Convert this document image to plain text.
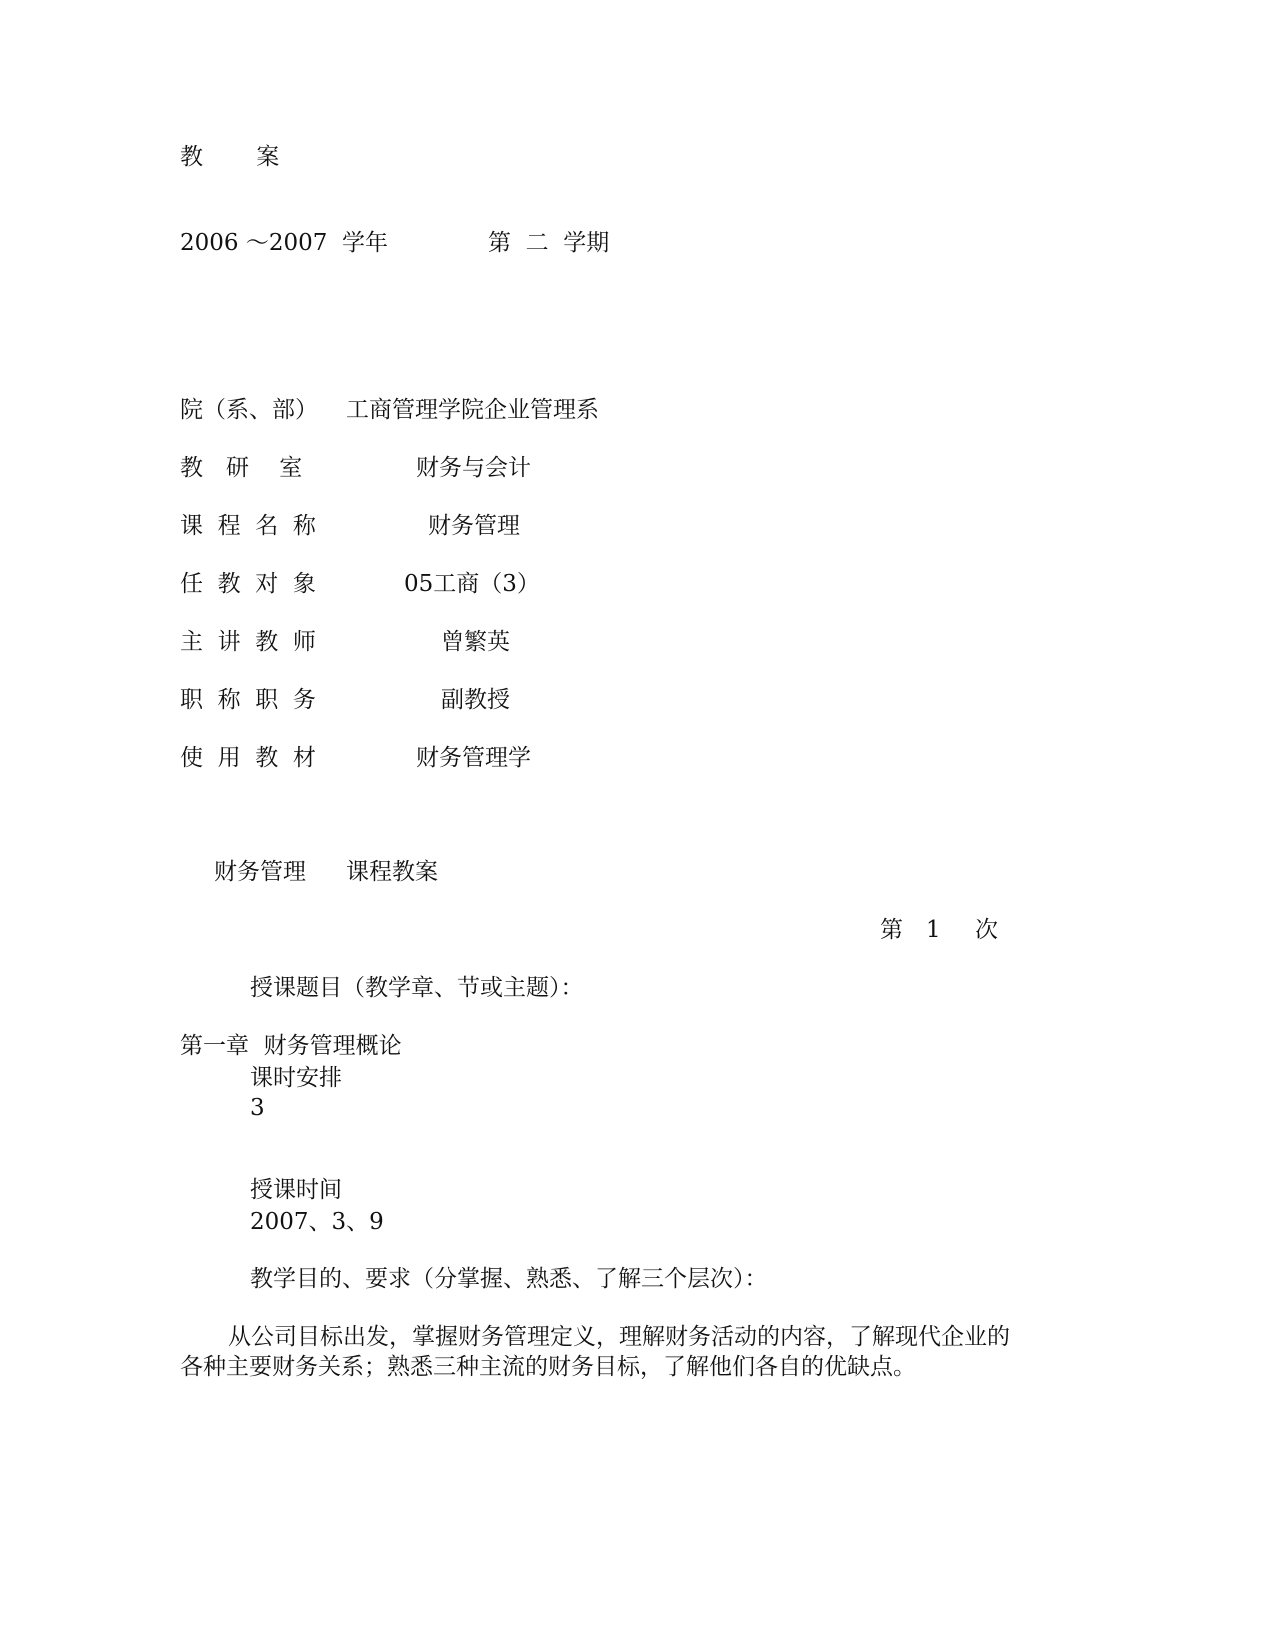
教　　 案
2006 ～2007  学年	第  二  学期
院（系、部） 工商管理学院企业管理系
教　研　 室	财务与会计
课  程  名  称	财务管理
任  教  对  象	05工商（3）
主  讲  教  师	曾繁英
职  称  职  务	副教授
使  用  教  材	财务管理学
财务管理 课程教案
第 1 次
授课题目（教学章、节或主题）：
第一章  财务管理概论
课时安排
3
授课时间
2007、3、9
教学目的、要求（分掌握、熟悉、了解三个层次）：
从公司目标出发，掌握财务管理定义，理解财务活动的内容，了解现代企业的
各种主要财务关系；熟悉三种主流的财务目标，了解他们各自的优缺点。
